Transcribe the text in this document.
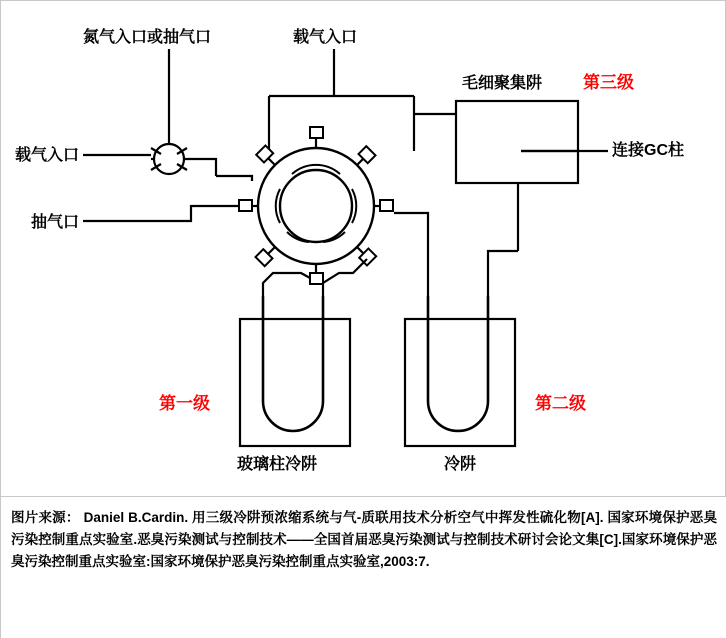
氮气入口或抽气口	载气入口
毛细聚集阱 第三级
载气入口	连接GC柱
抽气口
第一级	第二级
玻璃柱冷阱	冷阱
图片来源： Daniel B.Cardin. 用三级冷阱预浓缩系统与气-质联用技术分析空气中挥发性硫化物[A]. 国家环境保护恶臭污染控制重点实验室.恶臭污染测试与控制技术——全国首届恶臭污染测试与控制技术研讨会论文集[C].国家环境保护恶臭污染控制重点实验室:国家环境保护恶臭污染控制重点实验室,2003:7.
